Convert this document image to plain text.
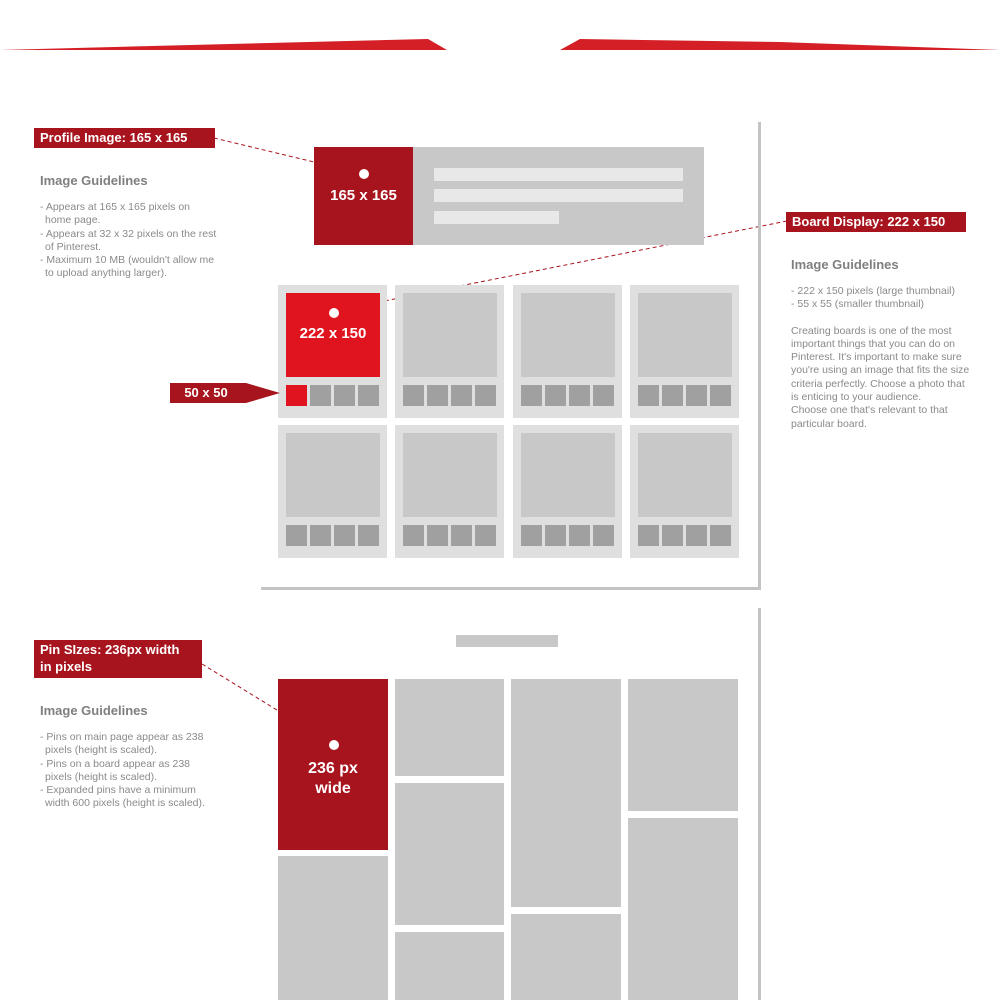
165 x 165
222 x 150
Profile Image: 165 x 165
Image Guidelines
- Appears at 165 x 165 pixels on
home page.
- Appears at 32 x 32 pixels on the rest
of Pinterest.
- Maximum 10 MB (wouldn't allow me
to upload anything larger).
Board Display: 222 x 150
Image Guidelines
- 222 x 150 pixels (large thumbnail)
- 55 x 55 (smaller thumbnail)
Creating boards is one of the most
important things that you can do on
Pinterest. It's important to make sure
you're using an image that fits the size
criteria perfectly. Choose a photo that
is enticing to your audience.
Choose one that's relevant to that
particular board.
50 x 50
236 px
wide
Pin SIzes: 236px width
in pixels
Image Guidelines
- Pins on main page appear as 238
pixels (height is scaled).
- Pins on a board appear as 238
pixels (height is scaled).
- Expanded pins have a minimum
width 600 pixels (height is scaled).
